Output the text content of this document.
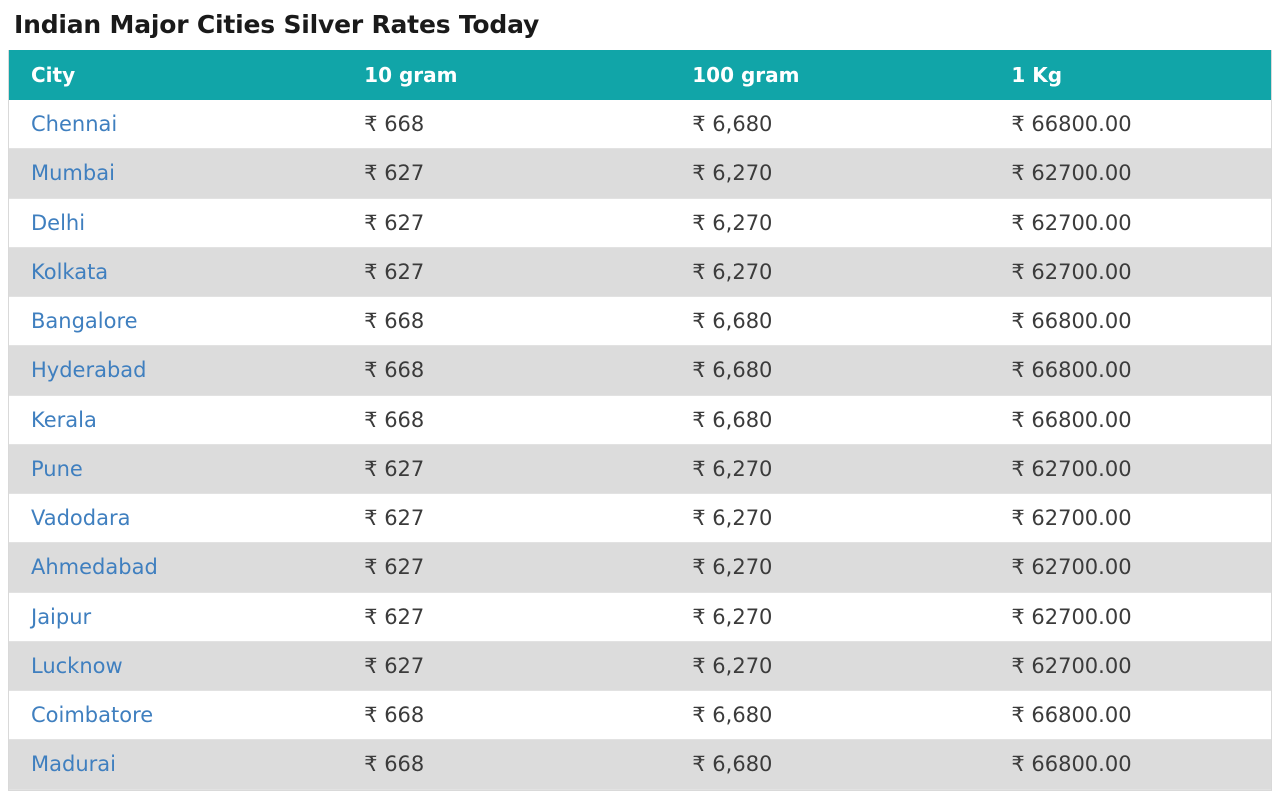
Indian Major Cities Silver Rates Today
City	10 gram	100 gram	1 Kg
Chennai	₹ 668	₹ 6,680	₹ 66800.00
Mumbai	₹ 627	₹ 6,270	₹ 62700.00
Delhi	₹ 627	₹ 6,270	₹ 62700.00
Kolkata	₹ 627	₹ 6,270	₹ 62700.00
Bangalore	₹ 668	₹ 6,680	₹ 66800.00
Hyderabad	₹ 668	₹ 6,680	₹ 66800.00
Kerala	₹ 668	₹ 6,680	₹ 66800.00
Pune	₹ 627	₹ 6,270	₹ 62700.00
Vadodara	₹ 627	₹ 6,270	₹ 62700.00
Ahmedabad	₹ 627	₹ 6,270	₹ 62700.00
Jaipur	₹ 627	₹ 6,270	₹ 62700.00
Lucknow	₹ 627	₹ 6,270	₹ 62700.00
Coimbatore	₹ 668	₹ 6,680	₹ 66800.00
Madurai	₹ 668	₹ 6,680	₹ 66800.00
